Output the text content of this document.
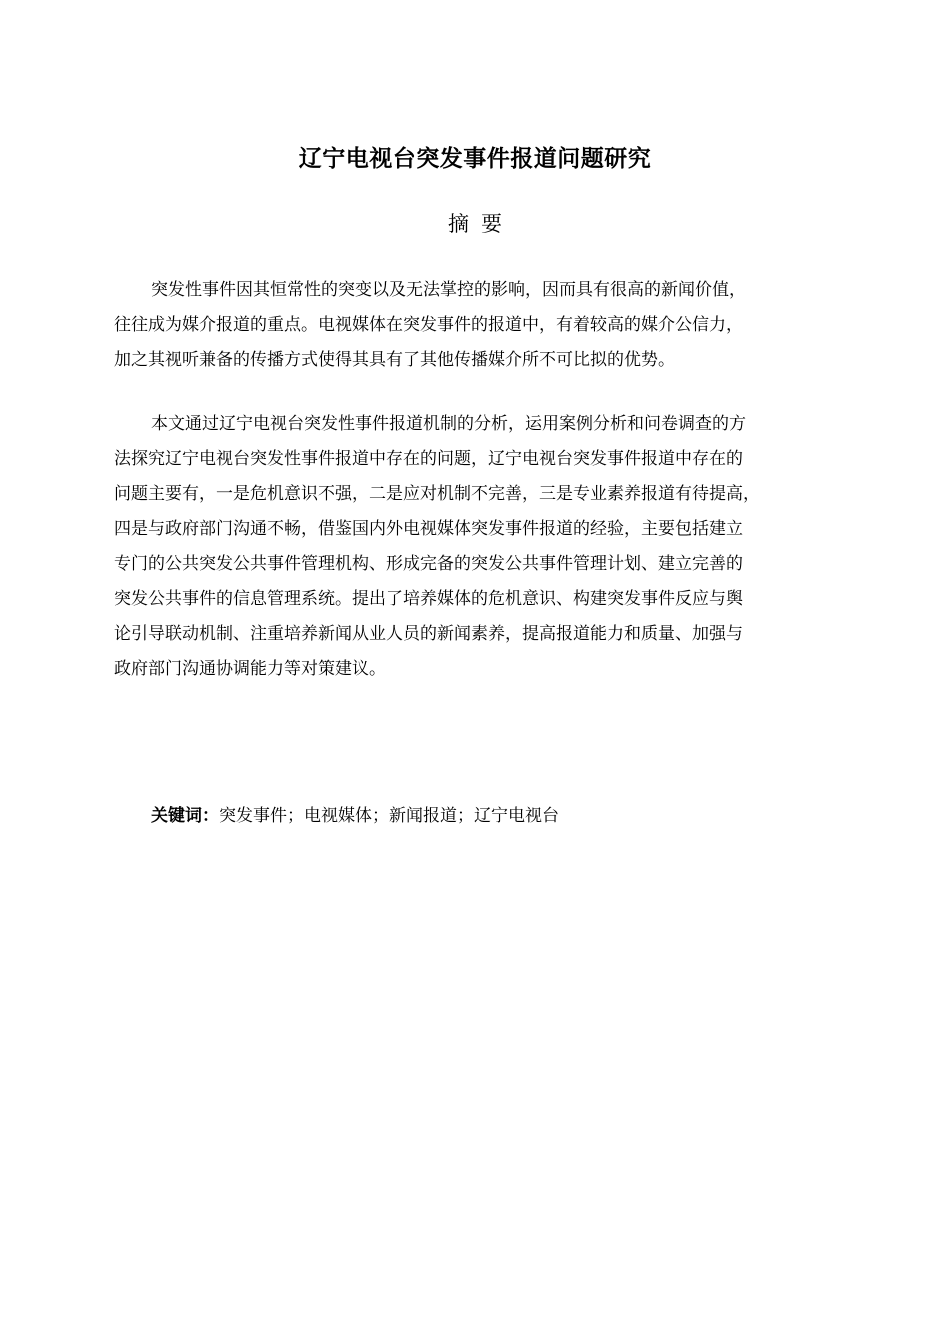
辽宁电视台突发事件报道问题研究
摘 要

突发性事件因其恒常性的突变以及无法掌控的影响，因而具有很高的新闻价值，
往往成为媒介报道的重点。电视媒体在突发事件的报道中，有着较高的媒介公信力，
加之其视听兼备的传播方式使得其具有了其他传播媒介所不可比拟的优势。

本文通过辽宁电视台突发性事件报道机制的分析，运用案例分析和问卷调查的方
法探究辽宁电视台突发性事件报道中存在的问题，辽宁电视台突发事件报道中存在的
问题主要有，一是危机意识不强，二是应对机制不完善，三是专业素养报道有待提高，
四是与政府部门沟通不畅，借鉴国内外电视媒体突发事件报道的经验，主要包括建立
专门的公共突发公共事件管理机构、形成完备的突发公共事件管理计划、建立完善的
突发公共事件的信息管理系统。提出了培养媒体的危机意识、构建突发事件反应与舆
论引导联动机制、注重培养新闻从业人员的新闻素养，提高报道能力和质量、加强与
政府部门沟通协调能力等对策建议。

关键词：突发事件；电视媒体；新闻报道；辽宁电视台
